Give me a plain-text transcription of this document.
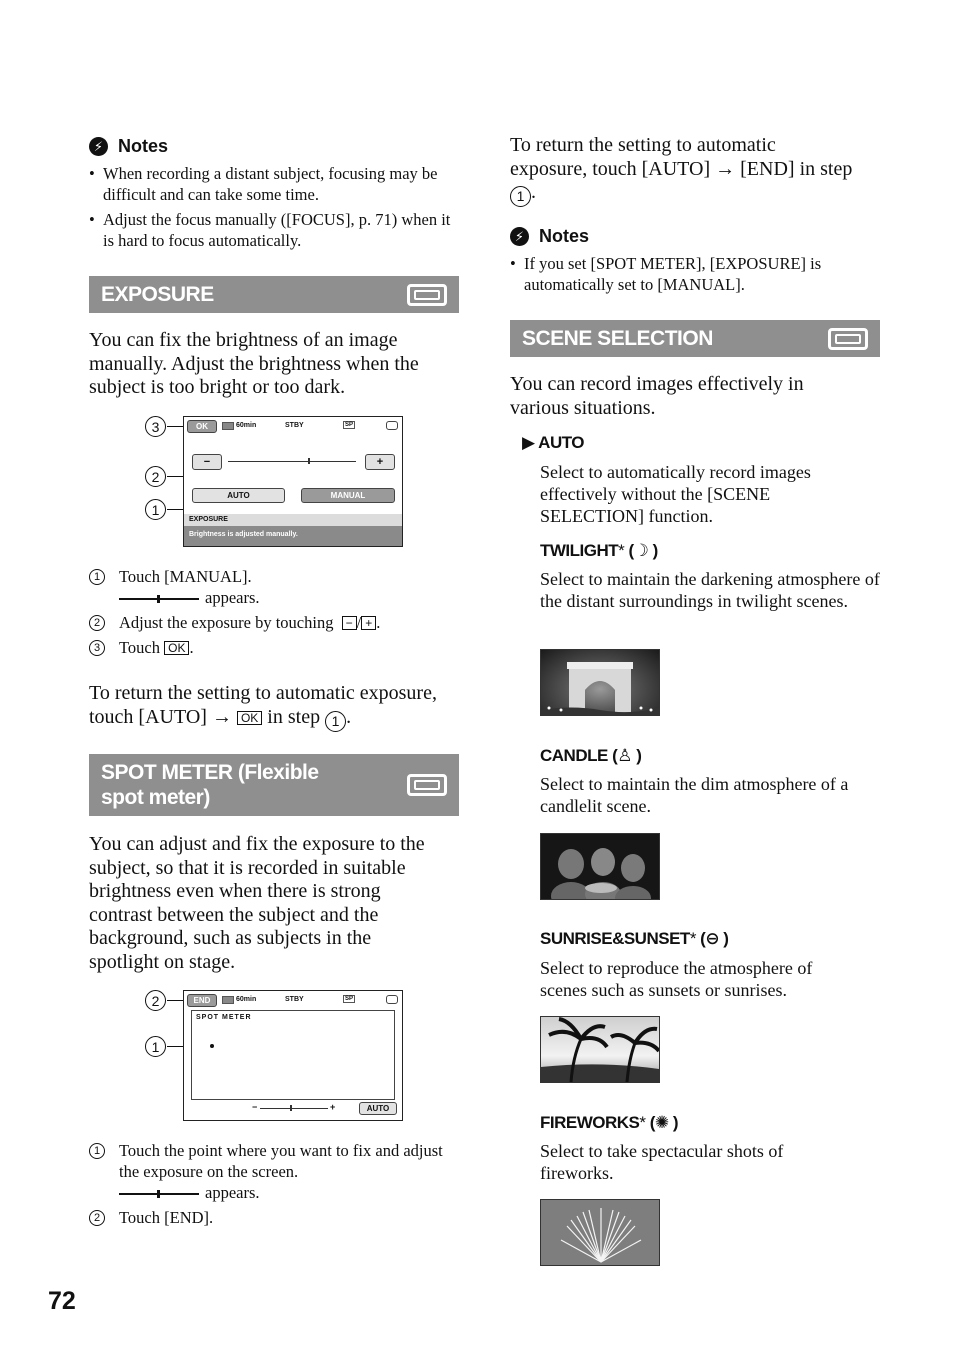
⚡ Notes
• When recording a distant subject, focusing may be difficult and can take some time.
• Adjust the focus manually ([FOCUS], p. 71) when it is hard to focus automatically.
EXPOSURE

You can fix the brightness of an image manually. Adjust the brightness when the subject is too bright or too dark.

3
2
1
OK	60min	STBY	SP
−	+
AUTO	MANUAL
EXPOSURE
Brightness is adjusted manually.
1 Touch [MANUAL].
appears.
2 Adjust the exposure by touching − / + .
3 Touch OK .

To return the setting to automatic exposure, touch [AUTO] → OK in step 1 .

SPOT METER (Flexible spot meter)

You can adjust and fix the exposure to the subject, so that it is recorded in suitable brightness even when there is strong contrast between the subject and the background, such as subjects in the spotlight on stage.

2
1
END	60min	STBY	SP
SPOT METER
−	+	AUTO
1 Touch the point where you want to fix and adjust the exposure on the screen.
appears.
2 Touch [END].
72

To return the setting to automatic exposure, touch [AUTO] → [END] in step 1 .

⚡ Notes
• If you set [SPOT METER], [EXPOSURE] is automatically set to [MANUAL].
SCENE SELECTION

You can record images effectively in various situations.

▶ AUTO

Select to automatically record images effectively without the [SCENE SELECTION] function.

TWILIGHT* (☽ )

Select to maintain the darkening atmosphere of the distant surroundings in twilight scenes.

CANDLE (♙ )

Select to maintain the dim atmosphere of a candlelit scene.

SUNRISE&SUNSET* (⊖ )

Select to reproduce the atmosphere of scenes such as sunsets or sunrises.

FIREWORKS* (✺ )

Select to take spectacular shots of fireworks.
